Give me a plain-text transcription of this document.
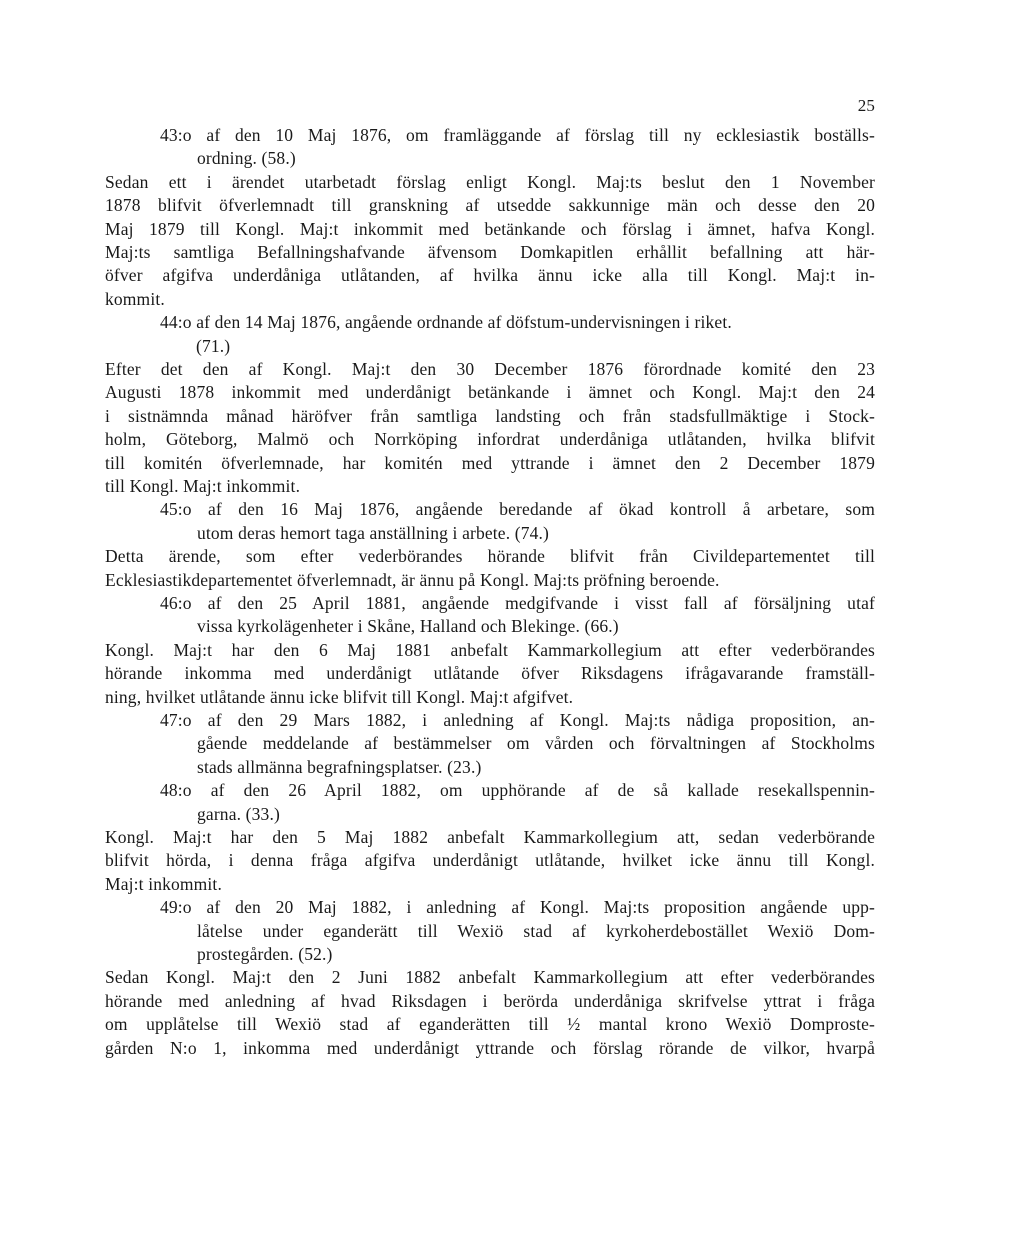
25
43:o af den 10 Maj 1876, om framläggande af förslag till ny ecklesiastik boställs-
ordning. (58.)
Sedan ett i ärendet utarbetadt förslag enligt Kongl. Maj:ts beslut den 1 November
1878 blifvit öfverlemnadt till granskning af utsedde sakkunnige män och desse den 20
Maj 1879 till Kongl. Maj:t inkommit med betänkande och förslag i ämnet, hafva Kongl.
Maj:ts samtliga Befallningshafvande äfvensom Domkapitlen erhållit befallning att här-
öfver afgifva underdåniga utlåtanden, af hvilka ännu icke alla till Kongl. Maj:t in-
kommit.
44:o af den 14 Maj 1876, angående ordnande af döfstum-undervisningen i riket.
(71.)
Efter det den af Kongl. Maj:t den 30 December 1876 förordnade komité den 23
Augusti 1878 inkommit med underdånigt betänkande i ämnet och Kongl. Maj:t den 24
i sistnämnda månad häröfver från samtliga landsting och från stadsfullmäktige i Stock-
holm, Göteborg, Malmö och Norrköping infordrat underdåniga utlåtanden, hvilka blifvit
till komitén öfverlemnade, har komitén med yttrande i ämnet den 2 December 1879
till Kongl. Maj:t inkommit.
45:o af den 16 Maj 1876, angående beredande af ökad kontroll å arbetare, som
utom deras hemort taga anställning i arbete. (74.)
Detta ärende, som efter vederbörandes hörande blifvit från Civildepartementet till
Ecklesiastikdepartementet öfverlemnadt, är ännu på Kongl. Maj:ts pröfning beroende.
46:o af den 25 April 1881, angående medgifvande i visst fall af försäljning utaf
vissa kyrkolägenheter i Skåne, Halland och Blekinge. (66.)
Kongl. Maj:t har den 6 Maj 1881 anbefalt Kammarkollegium att efter vederbörandes
hörande inkomma med underdånigt utlåtande öfver Riksdagens ifrågavarande framställ-
ning, hvilket utlåtande ännu icke blifvit till Kongl. Maj:t afgifvet.
47:o af den 29 Mars 1882, i anledning af Kongl. Maj:ts nådiga proposition, an-
gående meddelande af bestämmelser om vården och förvaltningen af Stockholms
stads allmänna begrafningsplatser. (23.)
48:o af den 26 April 1882, om upphörande af de så kallade resekallspennin-
garna. (33.)
Kongl. Maj:t har den 5 Maj 1882 anbefalt Kammarkollegium att, sedan vederbörande
blifvit hörda, i denna fråga afgifva underdånigt utlåtande, hvilket icke ännu till Kongl.
Maj:t inkommit.
49:o af den 20 Maj 1882, i anledning af Kongl. Maj:ts proposition angående upp-
låtelse under eganderätt till Wexiö stad af kyrkoherdebostället Wexiö Dom-
prostegården. (52.)
Sedan Kongl. Maj:t den 2 Juni 1882 anbefalt Kammarkollegium att efter vederbörandes
hörande med anledning af hvad Riksdagen i berörda underdåniga skrifvelse yttrat i fråga
om upplåtelse till Wexiö stad af eganderätten till ½ mantal krono Wexiö Domproste-
gården N:o 1, inkomma med underdånigt yttrande och förslag rörande de vilkor, hvarpå
